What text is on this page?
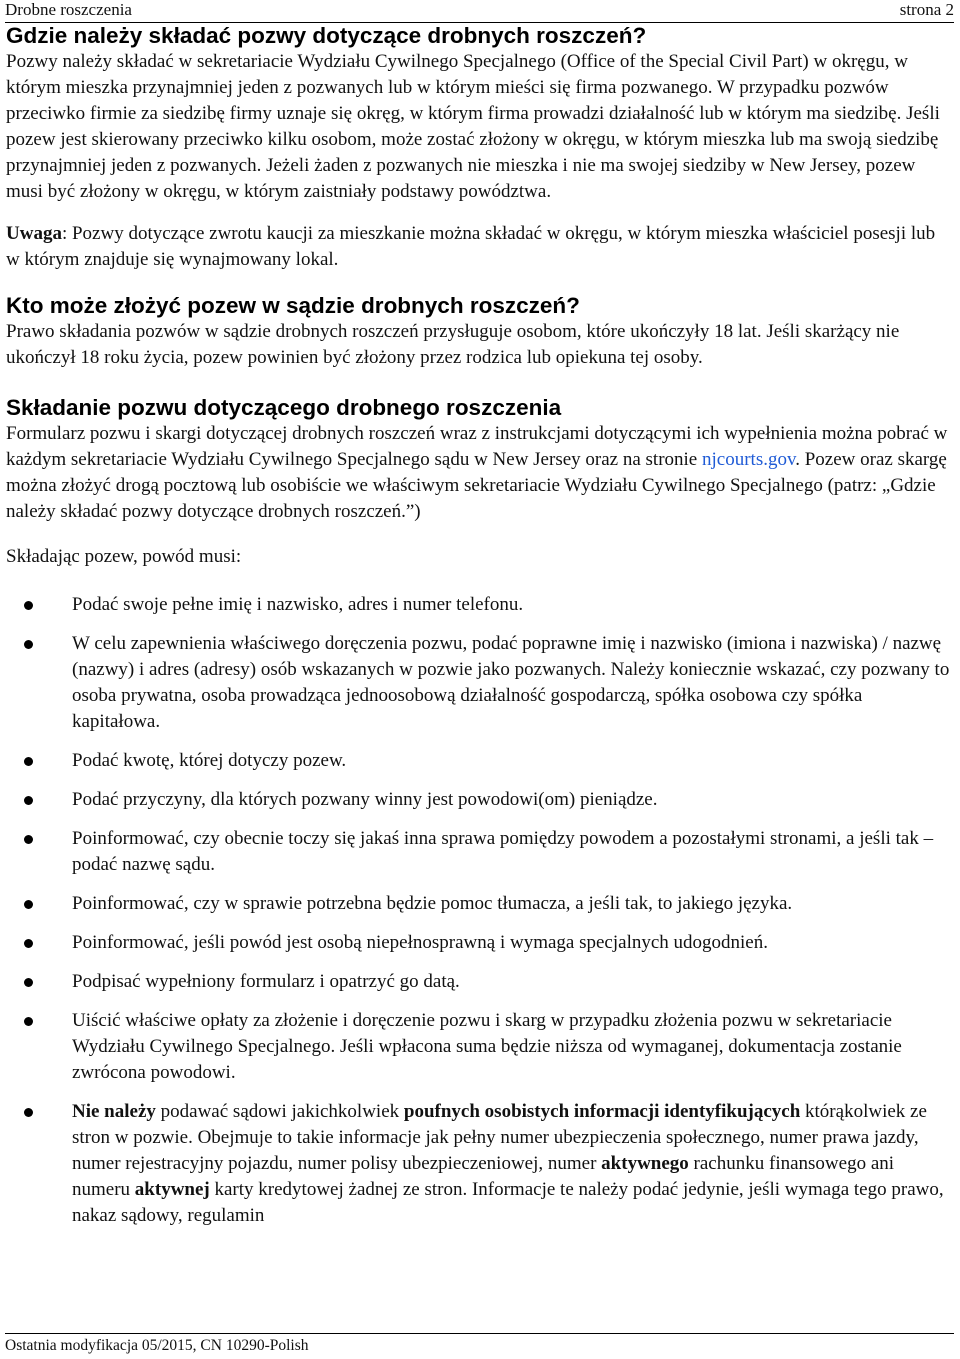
Drobne roszczenia	strona 2
Gdzie należy składać pozwy dotyczące drobnych roszczeń?

Pozwy należy składać w sekretariacie Wydziału Cywilnego Specjalnego (Office of the Special Civil Part) w okręgu, w którym mieszka przynajmniej jeden z pozwanych lub w którym mieści się firma pozwanego. W przypadku pozwów przeciwko firmie za siedzibę firmy uznaje się okręg, w którym firma prowadzi działalność lub w którym ma siedzibę. Jeśli pozew jest skierowany przeciwko kilku osobom, może zostać złożony w okręgu, w którym mieszka lub ma swoją siedzibę przynajmniej jeden z pozwanych. Jeżeli żaden z pozwanych nie mieszka i nie ma swojej siedziby w New Jersey, pozew musi być złożony w okręgu, w którym zaistniały podstawy powództwa.

Uwaga: Pozwy dotyczące zwrotu kaucji za mieszkanie można składać w okręgu, w którym mieszka właściciel posesji lub w którym znajduje się wynajmowany lokal.

Kto może złożyć pozew w sądzie drobnych roszczeń?

Prawo składania pozwów w sądzie drobnych roszczeń przysługuje osobom, które ukończyły 18 lat. Jeśli skarżący nie ukończył 18 roku życia, pozew powinien być złożony przez rodzica lub opiekuna tej osoby.

Składanie pozwu dotyczącego drobnego roszczenia

Formularz pozwu i skargi dotyczącej drobnych roszczeń wraz z instrukcjami dotyczącymi ich wypełnienia można pobrać w każdym sekretariacie Wydziału Cywilnego Specjalnego sądu w New Jersey oraz na stronie njcourts.gov. Pozew oraz skargę można złożyć drogą pocztową lub osobiście we właściwym sekretariacie Wydziału Cywilnego Specjalnego (patrz: „Gdzie należy składać pozwy dotyczące drobnych roszczeń.”)

Składając pozew, powód musi:

Podać swoje pełne imię i nazwisko, adres i numer telefonu.
W celu zapewnienia właściwego doręczenia pozwu, podać poprawne imię i nazwisko (imiona i nazwiska) / nazwę (nazwy) i adres (adresy) osób wskazanych w pozwie jako pozwanych. Należy koniecznie wskazać, czy pozwany to osoba prywatna, osoba prowadząca jednoosobową działalność gospodarczą, spółka osobowa czy spółka kapitałowa.
Podać kwotę, której dotyczy pozew.
Podać przyczyny, dla których pozwany winny jest powodowi(om) pieniądze.
Poinformować, czy obecnie toczy się jakaś inna sprawa pomiędzy powodem a pozostałymi stronami, a jeśli tak – podać nazwę sądu.
Poinformować, czy w sprawie potrzebna będzie pomoc tłumacza, a jeśli tak, to jakiego języka.
Poinformować, jeśli powód jest osobą niepełnosprawną i wymaga specjalnych udogodnień.
Podpisać wypełniony formularz i opatrzyć go datą.
Uiścić właściwe opłaty za złożenie i doręczenie pozwu i skarg w przypadku złożenia pozwu w sekretariacie Wydziału Cywilnego Specjalnego. Jeśli wpłacona suma będzie niższa od wymaganej, dokumentacja zostanie zwrócona powodowi.
Nie należy podawać sądowi jakichkolwiek poufnych osobistych informacji identyfikujących którąkolwiek ze stron w pozwie. Obejmuje to takie informacje jak pełny numer ubezpieczenia społecznego, numer prawa jazdy, numer rejestracyjny pojazdu, numer polisy ubezpieczeniowej, numer aktywnego rachunku finansowego ani numeru aktywnej karty kredytowej żadnej ze stron. Informacje te należy podać jedynie, jeśli wymaga tego prawo, nakaz sądowy, regulamin
Ostatnia modyfikacja 05/2015, CN 10290-Polish
